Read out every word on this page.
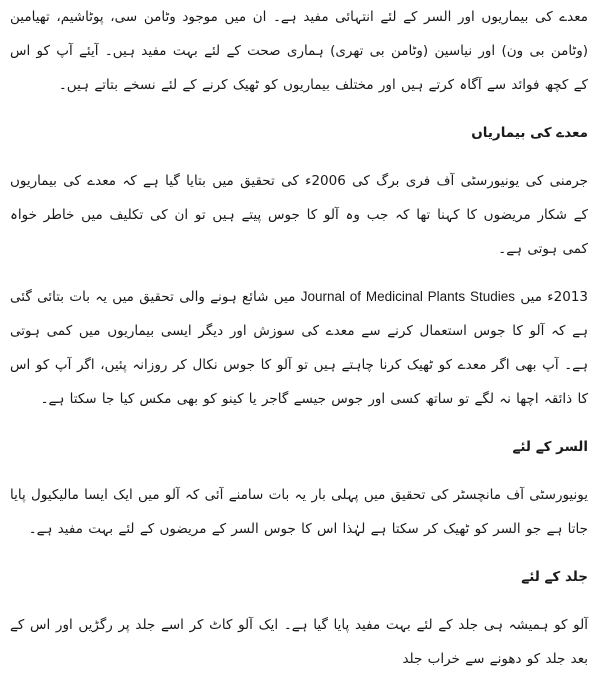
معدے کی بیماریوں اور السر کے لئے انتہائی مفید ہے۔ ان میں موجود وٹامن سی، پوٹاشیم، تھیامین (وٹامن بی ون) اور نیاسین (وٹامن بی تھری) ہماری صحت کے لئے بہت مفید ہیں۔ آیئے آپ کو اس کے کچھ فوائد سے آگاہ کرتے ہیں اور مختلف بیماریوں کو ٹھیک کرنے کے لئے نسخے بتاتے ہیں۔

معدے کی بیماریاں

جرمنی کی یونیورسٹی آف فری برگ کی 2006ء کی تحقیق میں بتایا گیا ہے کہ معدے کی بیماریوں کے شکار مریضوں کا کہنا تھا کہ جب وہ آلو کا جوس پیتے ہیں تو ان کی تکلیف میں خاطر خواہ کمی ہوتی ہے۔

2013ء میں Journal of Medicinal Plants Studies میں شائع ہونے والی تحقیق میں یہ بات بتائی گئی ہے کہ آلو کا جوس استعمال کرنے سے معدے کی سوزش اور دیگر ایسی بیماریوں میں کمی ہوتی ہے۔ آپ بھی اگر معدے کو ٹھیک کرنا چاہتے ہیں تو آلو کا جوس نکال کر روزانہ پئیں، اگر آپ کو اس کا ذائقہ اچھا نہ لگے تو ساتھ کسی اور جوس جیسے گاجر یا کینو کو بھی مکس کیا جا سکتا ہے۔

السر کے لئے

یونیورسٹی آف مانچسٹر کی تحقیق میں پہلی بار یہ بات سامنے آئی کہ آلو میں ایک ایسا مالیکیول پایا جاتا ہے جو السر کو ٹھیک کر سکتا ہے لہٰذا اس کا جوس السر کے مریضوں کے لئے بہت مفید ہے۔

جلد کے لئے

آلو کو ہمیشہ ہی جلد کے لئے بہت مفید پایا گیا ہے۔ ایک آلو کاٹ کر اسے جلد پر رگڑیں اور اس کے بعد جلد کو دھونے سے خراب جلد
